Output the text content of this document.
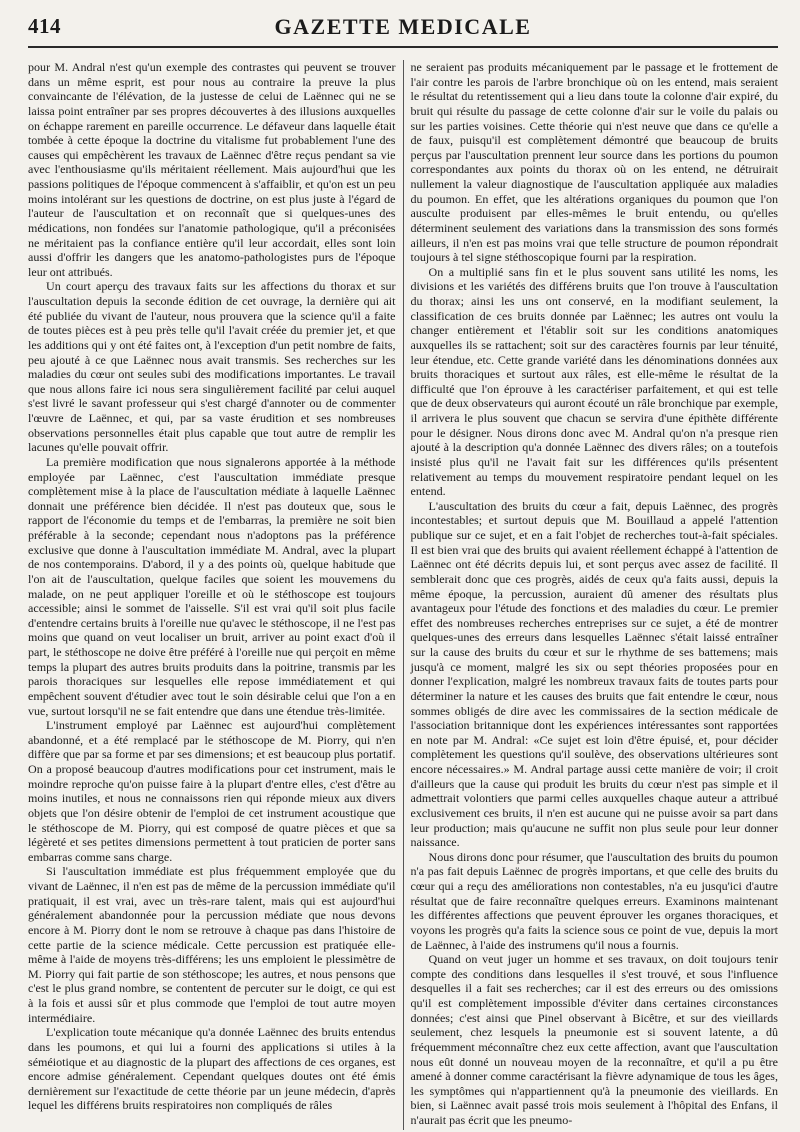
414	GAZETTE MEDICALE

pour M. Andral n'est qu'un exemple des contrastes qui peuvent se trouver dans un même esprit, est pour nous au contraire la preuve la plus convaincante de l'élévation, de la justesse de celui de Laënnec qui ne se laissa point entraîner par ses propres découvertes à des illusions auxquelles on échappe rarement en pareille occurrence. Le défaveur dans laquelle était tombée à cette époque la doctrine du vitalisme fut probablement l'une des causes qui empêchèrent les travaux de Laënnec d'être reçus pendant sa vie avec l'enthousiasme qu'ils méritaient réellement. Mais aujourd'hui que les passions politiques de l'époque commencent à s'affaiblir, et qu'on est un peu moins intolérant sur les questions de doctrine, on est plus juste à l'égard de l'auteur de l'auscultation et on reconnaît que si quelques-unes des médications, non fondées sur l'anatomie pathologique, qu'il a préconisées ne méritaient pas la confiance entière qu'il leur accordait, elles sont loin aussi d'offrir les dangers que les anatomo-pathologistes purs de l'époque leur ont attribués.

Un court aperçu des travaux faits sur les affections du thorax et sur l'auscultation depuis la seconde édition de cet ouvrage, la dernière qui ait été publiée du vivant de l'auteur, nous prouvera que la science qu'il a faite de toutes pièces est à peu près telle qu'il l'avait créée du premier jet, et que les additions qui y ont été faites ont, à l'exception d'un petit nombre de faits, peu ajouté à ce que Laënnec nous avait transmis. Ses recherches sur les maladies du cœur ont seules subi des modifications importantes. Le travail que nous allons faire ici nous sera singulièrement facilité par celui auquel s'est livré le savant professeur qui s'est chargé d'annoter ou de commenter l'œuvre de Laënnec, et qui, par sa vaste érudition et ses nombreuses observations personnelles était plus capable que tout autre de remplir les lacunes qu'elle pouvait offrir.

La première modification que nous signalerons apportée à la méthode employée par Laënnec, c'est l'auscultation immédiate presque complètement mise à la place de l'auscultation médiate à laquelle Laënnec donnait une préférence bien décidée. Il n'est pas douteux que, sous le rapport de l'économie du temps et de l'embarras, la première ne soit bien préférable à la seconde; cependant nous n'adoptons pas la préférence exclusive que donne à l'auscultation immédiate M. Andral, avec la plupart de nos contemporains. D'abord, il y a des points où, quelque habitude que l'on ait de l'auscultation, quelque faciles que soient les mouvemens du malade, on ne peut appliquer l'oreille et où le stéthoscope est toujours accessible; ainsi le sommet de l'aisselle. S'il est vrai qu'il soit plus facile d'entendre certains bruits à l'oreille nue qu'avec le stéthoscope, il ne l'est pas moins que quand on veut localiser un bruit, arriver au point exact d'où il part, le stéthoscope ne doive être préféré à l'oreille nue qui perçoit en même temps la plupart des autres bruits produits dans la poitrine, transmis par les parois thoraciques sur lesquelles elle repose immédiatement et qui empêchent souvent d'étudier avec tout le soin désirable celui que l'on a en vue, surtout lorsqu'il ne se fait entendre que dans une étendue très-limitée.

L'instrument employé par Laënnec est aujourd'hui complètement abandonné, et a été remplacé par le stéthoscope de M. Piorry, qui n'en diffère que par sa forme et par ses dimensions; et est beaucoup plus portatif. On a proposé beaucoup d'autres modifications pour cet instrument, mais le moindre reproche qu'on puisse faire à la plupart d'entre elles, c'est d'être au moins inutiles, et nous ne connaissons rien qui réponde mieux aux divers objets que l'on désire obtenir de l'emploi de cet instrument acoustique que le stéthoscope de M. Piorry, qui est composé de quatre pièces et que sa légèreté et ses petites dimensions permettent à tout praticien de porter sans embarras comme sans charge.

Si l'auscultation immédiate est plus fréquemment employée que du vivant de Laënnec, il n'en est pas de même de la percussion immédiate qu'il pratiquait, il est vrai, avec un très-rare talent, mais qui est aujourd'hui généralement abandonnée pour la percussion médiate que nous devons encore à M. Piorry dont le nom se retrouve à chaque pas dans l'histoire de cette partie de la science médicale. Cette percussion est pratiquée elle-même à l'aide de moyens très-différens; les uns emploient le plessimètre de M. Piorry qui fait partie de son stéthoscope; les autres, et nous pensons que c'est le plus grand nombre, se contentent de percuter sur le doigt, ce qui est à la fois et aussi sûr et plus commode que l'emploi de tout autre moyen intermédiaire.

L'explication toute mécanique qu'a donnée Laënnec des bruits entendus dans les poumons, et qui lui a fourni des applications si utiles à la séméiotique et au diagnostic de la plupart des affections de ces organes, est encore admise généralement. Cependant quelques doutes ont été émis dernièrement sur l'exactitude de cette théorie par un jeune médecin, d'après lequel les différens bruits respiratoires non compliqués de râles

ne seraient pas produits mécaniquement par le passage et le frottement de l'air contre les parois de l'arbre bronchique où on les entend, mais seraient le résultat du retentissement qui a lieu dans toute la colonne d'air expiré, du bruit qui résulte du passage de cette colonne d'air sur le voile du palais ou sur les parties voisines. Cette théorie qui n'est neuve que dans ce qu'elle a de faux, puisqu'il est complètement démontré que beaucoup de bruits perçus par l'auscultation prennent leur source dans les portions du poumon correspondantes aux points du thorax où on les entend, ne détruirait nullement la valeur diagnostique de l'auscultation appliquée aux maladies du poumon. En effet, que les altérations organiques du poumon que l'on ausculte produisent par elles-mêmes le bruit entendu, ou qu'elles déterminent seulement des variations dans la transmission des sons formés ailleurs, il n'en est pas moins vrai que telle structure de poumon répondrait toujours à tel signe stéthoscopique fourni par la respiration.

On a multiplié sans fin et le plus souvent sans utilité les noms, les divisions et les variétés des différens bruits que l'on trouve à l'auscultation du thorax; ainsi les uns ont conservé, en la modifiant seulement, la classification de ces bruits donnée par Laënnec; les autres ont voulu la changer entièrement et l'établir soit sur les conditions anatomiques auxquelles ils se rattachent; soit sur des caractères fournis par leur ténuité, leur étendue, etc. Cette grande variété dans les dénominations données aux bruits thoraciques et surtout aux râles, est elle-même le résultat de la difficulté que l'on éprouve à les caractériser parfaitement, et qui est telle que de deux observateurs qui auront écouté un râle bronchique par exemple, il arrivera le plus souvent que chacun se servira d'une épithète différente pour le désigner. Nous dirons donc avec M. Andral qu'on n'a presque rien ajouté à la description qu'a donnée Laënnec des divers râles; on a toutefois insisté plus qu'il ne l'avait fait sur les différences qu'ils présentent relativement au temps du mouvement respiratoire pendant lequel on les entend.

L'auscultation des bruits du cœur a fait, depuis Laënnec, des progrès incontestables; et surtout depuis que M. Bouillaud a appelé l'attention publique sur ce sujet, et en a fait l'objet de recherches tout-à-fait spéciales. Il est bien vrai que des bruits qui avaient réellement échappé à l'attention de Laënnec ont été décrits depuis lui, et sont perçus avec assez de facilité. Il semblerait donc que ces progrès, aidés de ceux qu'a faits aussi, depuis la même époque, la percussion, auraient dû amener des résultats plus avantageux pour l'étude des fonctions et des maladies du cœur. Le premier effet des nombreuses recherches entreprises sur ce sujet, a été de montrer quelques-unes des erreurs dans lesquelles Laënnec s'était laissé entraîner sur la cause des bruits du cœur et sur le rhythme de ses battemens; mais jusqu'à ce moment, malgré les six ou sept théories proposées pour en donner l'explication, malgré les nombreux travaux faits de toutes parts pour déterminer la nature et les causes des bruits que fait entendre le cœur, nous sommes obligés de dire avec les commissaires de la section médicale de l'association britannique dont les expériences intéressantes sont rapportées en note par M. Andral: «Ce sujet est loin d'être épuisé, et, pour décider complètement les questions qu'il soulève, des observations ultérieures sont encore nécessaires.» M. Andral partage aussi cette manière de voir; il croit d'ailleurs que la cause qui produit les bruits du cœur n'est pas simple et il admettrait volontiers que parmi celles auxquelles chaque auteur a attribué exclusivement ces bruits, il n'en est aucune qui ne puisse avoir sa part dans leur production; mais qu'aucune ne suffit non plus seule pour leur donner naissance.

Nous dirons donc pour résumer, que l'auscultation des bruits du poumon n'a pas fait depuis Laënnec de progrès importans, et que celle des bruits du cœur qui a reçu des améliorations non contestables, n'a eu jusqu'ici d'autre résultat que de faire reconnaître quelques erreurs. Examinons maintenant les différentes affections que peuvent éprouver les organes thoraciques, et voyons les progrès qu'a faits la science sous ce point de vue, depuis la mort de Laënnec, à l'aide des instrumens qu'il nous a fournis.

Quand on veut juger un homme et ses travaux, on doit toujours tenir compte des conditions dans lesquelles il s'est trouvé, et sous l'influence desquelles il a fait ses recherches; car il est des erreurs ou des omissions qu'il est complètement impossible d'éviter dans certaines circonstances données; c'est ainsi que Pinel observant à Bicêtre, et sur des vieillards seulement, chez lesquels la pneumonie est si souvent latente, a dû fréquemment méconnaître chez eux cette affection, avant que l'auscultation nous eût donné un nouveau moyen de la reconnaître, et qu'il a pu être amené à donner comme caractérisant la fièvre adynamique de tous les âges, les symptômes qui n'appartiennent qu'à la pneumonie des vieillards. En bien, si Laënnec avait passé trois mois seulement à l'hôpital des Enfans, il n'aurait pas écrit que les pneumo-
